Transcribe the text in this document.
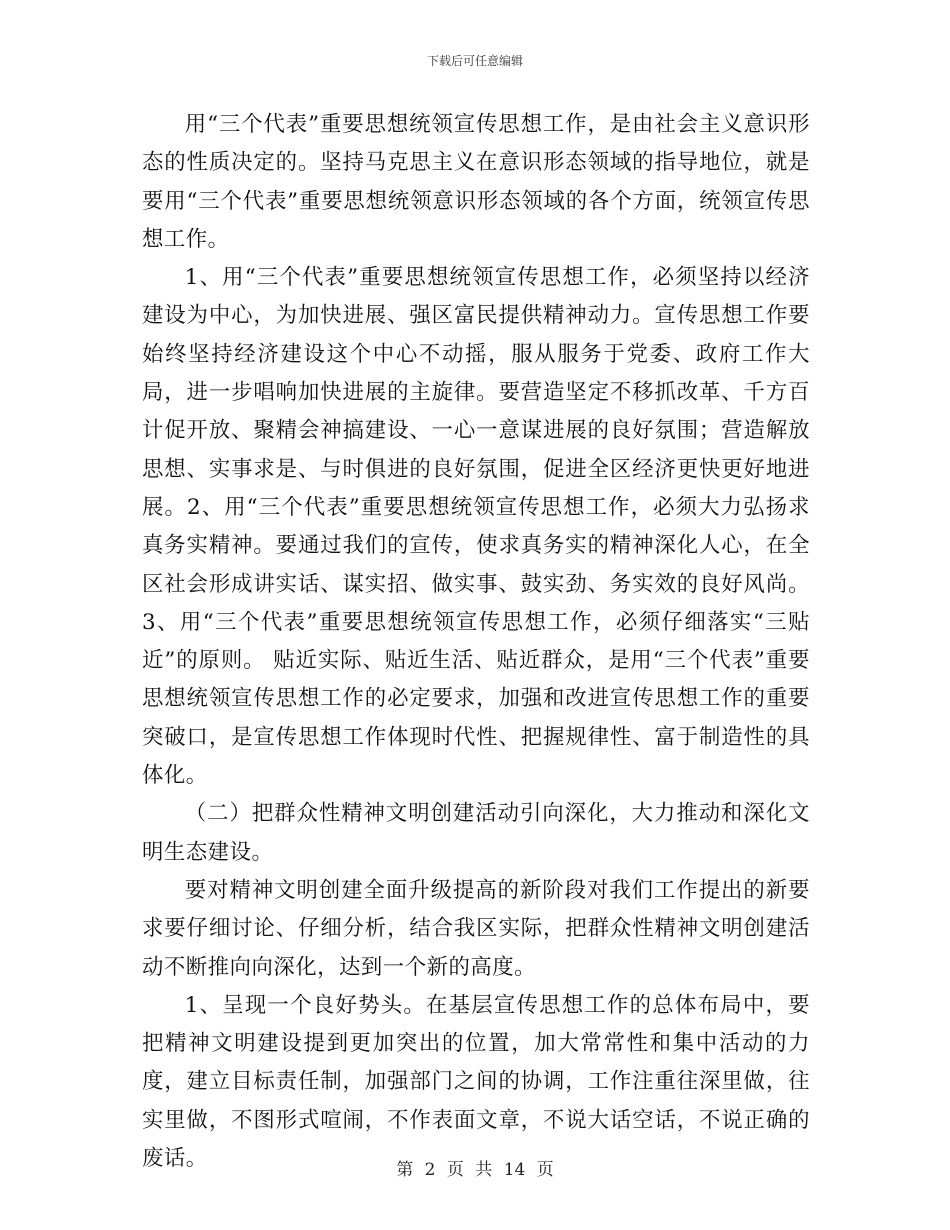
下载后可任意编辑

用“三个代表”重要思想统领宣传思想工作，是由社会主义意识形态的性质决定的。坚持马克思主义在意识形态领域的指导地位，就是要用“三个代表”重要思想统领意识形态领域的各个方面，统领宣传思想工作。

1、用“三个代表”重要思想统领宣传思想工作，必须坚持以经济建设为中心，为加快进展、强区富民提供精神动力。宣传思想工作要始终坚持经济建设这个中心不动摇，服从服务于党委、政府工作大局，进一步唱响加快进展的主旋律。要营造坚定不移抓改革、千方百计促开放、聚精会神搞建设、一心一意谋进展的良好氛围；营造解放思想、实事求是、与时俱进的良好氛围，促进全区经济更快更好地进展。2、用“三个代表”重要思想统领宣传思想工作，必须大力弘扬求真务实精神。要通过我们的宣传，使求真务实的精神深化人心，在全区社会形成讲实话、谋实招、做实事、鼓实劲、务实效的良好风尚。3、用“三个代表”重要思想统领宣传思想工作，必须仔细落实“三贴近”的原则。 贴近实际、贴近生活、贴近群众，是用“三个代表”重要思想统领宣传思想工作的必定要求，加强和改进宣传思想工作的重要突破口，是宣传思想工作体现时代性、把握规律性、富于制造性的具体化。

（二）把群众性精神文明创建活动引向深化，大力推动和深化文明生态建设。

要对精神文明创建全面升级提高的新阶段对我们工作提出的新要求要仔细讨论、仔细分析，结合我区实际，把群众性精神文明创建活动不断推向向深化，达到一个新的高度。

1、呈现一个良好势头。在基层宣传思想工作的总体布局中，要把精神文明建设提到更加突出的位置，加大常常性和集中活动的力度，建立目标责任制，加强部门之间的协调，工作注重往深里做，往实里做，不图形式喧闹，不作表面文章，不说大话空话，不说正确的废话。	第 2 页 共 14 页
